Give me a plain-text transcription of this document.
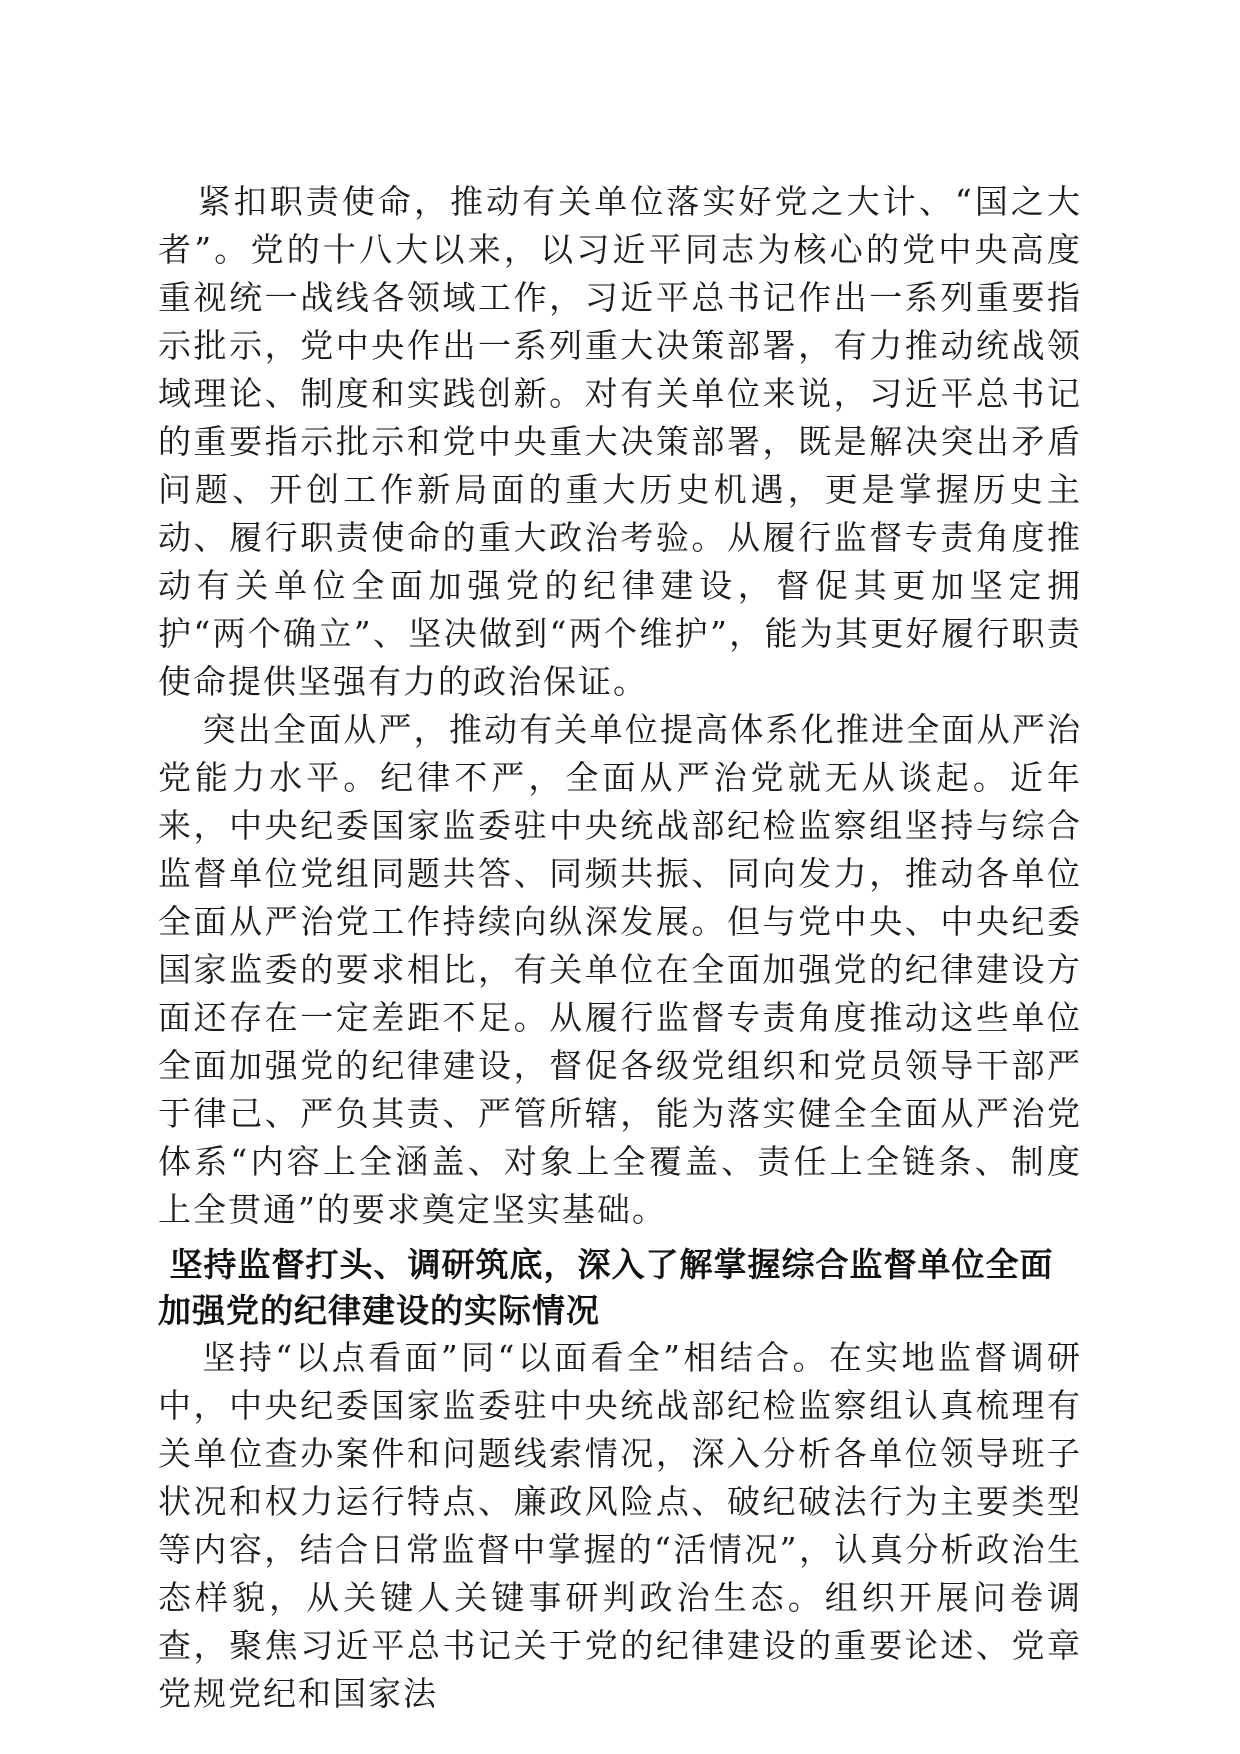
紧扣职责使命，推动有关单位落实好党之大计、“国之大者”。党的十八大以来，以习近平同志为核心的党中央高度重视统一战线各领域工作，习近平总书记作出一系列重要指示批示，党中央作出一系列重大决策部署，有力推动统战领域理论、制度和实践创新。对有关单位来说，习近平总书记的重要指示批示和党中央重大决策部署，既是解决突出矛盾问题、开创工作新局面的重大历史机遇，更是掌握历史主动、履行职责使命的重大政治考验。从履行监督专责角度推动有关单位全面加强党的纪律建设，督促其更加坚定拥护“两个确立”、坚决做到“两个维护”，能为其更好履行职责使命提供坚强有力的政治保证。

突出全面从严，推动有关单位提高体系化推进全面从严治党能力水平。纪律不严，全面从严治党就无从谈起。近年来，中央纪委国家监委驻中央统战部纪检监察组坚持与综合监督单位党组同题共答、同频共振、同向发力，推动各单位全面从严治党工作持续向纵深发展。但与党中央、中央纪委国家监委的要求相比，有关单位在全面加强党的纪律建设方面还存在一定差距不足。从履行监督专责角度推动这些单位全面加强党的纪律建设，督促各级党组织和党员领导干部严于律己、严负其责、严管所辖，能为落实健全全面从严治党体系“内容上全涵盖、对象上全覆盖、责任上全链条、制度上全贯通”的要求奠定坚实基础。

坚持监督打头、调研筑底，深入了解掌握综合监督单位全面加强党的纪律建设的实际情况

坚持“以点看面”同“以面看全”相结合。在实地监督调研中，中央纪委国家监委驻中央统战部纪检监察组认真梳理有关单位查办案件和问题线索情况，深入分析各单位领导班子状况和权力运行特点、廉政风险点、破纪破法行为主要类型等内容，结合日常监督中掌握的“活情况”，认真分析政治生态样貌，从关键人关键事研判政治生态。组织开展问卷调查，聚焦习近平总书记关于党的纪律建设的重要论述、党章党规党纪和国家法
